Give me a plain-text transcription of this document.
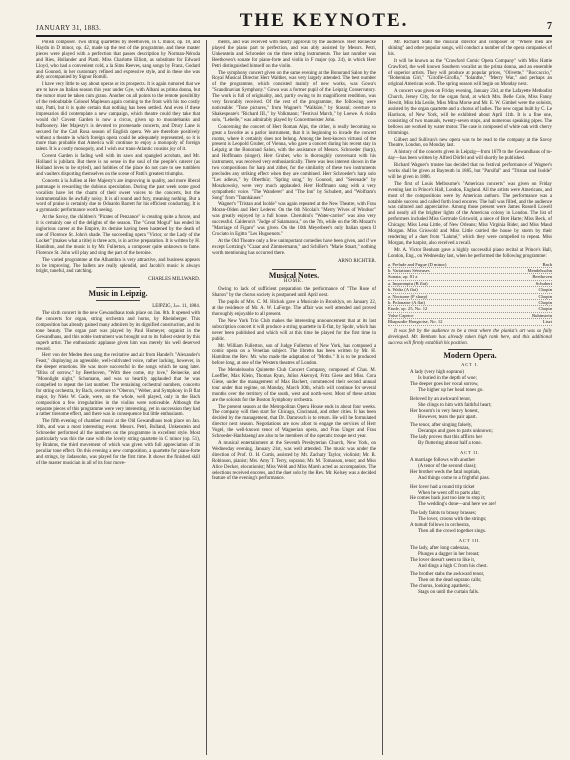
JANUARY 31, 1883.	THE KEYNOTE.	7

Polish composer. Two string quartettes by Beethoven, in C minor, op. 18, and Haydn in D minor, op. 42, made up the rest of the programme, and these master pieces were played with a perfection that passes description by Norman-Néruda and Ries, Hollander and Piatti. Miss Charlotte Elliott, as substitute for Edward Lloyd, who had a convenient cold, a la Sims Reeves, sang songs by Franz, Godard and Gounod, in her customary refined and expressive style, and in these she was ably accompanied by Signor Romili.

I have very little to say about operas or its prospects. It is again rumored that we are to have an Italian season this year under Gye, with Albani as prima donna, but the rumor must be taken cum grano. Another on all points to the remote possibility of the redoubtable Colonel Mapleson again coming to the front with his too costly star, Patti, but it is quite certain that nothing has been settled. And even if these impresarios did contemplate a new campaign, which theatre could they take that would do? Covent Garden is now a circus, given up to mountebanks and buffoonery. Her Majesty's is devoted to promenade concerts, and Drury Lane is secured for the Carl Rosa season of English opera. We are therefore positively without a theatre in which foreign opera could be adequately represented, so it is more than probable that America will continue to enjoy a monopoly of foreign talent. It is a costly monopoly, and I wish our trans-Atlantic cousins joy of it.

Covent Garden is fading well with its saws and spangled acrobats, and Mr. Holland is jubilant. But there is no sense in the soul of the people's caterer (as Holland loves to be styled), and hobbies of the place do not care to see tumblers and vaulters disporting themselves on the scene of Patti's greatest triumphs.

Concerts à la Jullien at Her Majesty's are improving in quality, and more liberal patronage is rewarding the dubious speculation. During the past week some good vocalists have let the charm of their sweet voices to the concerts, but the instrumentalists lie awfully noisy. It is all sound and fury, meaning nothing. But a word of praise is certainly due to Odoardo Barrett for his efficient conducting. It is a gymnastic performance worth seeing.

At the Savoy, the children's "Pirates of Penzance" is creating quite a furore, and it is certainly one of the delights of the season. The "Great Mogul" has ended its inglorious career at the Empire, its demise having been hastened by the death of one of Florence St. John's shade. The succeeding opera "Victor, or the Lady of the Locket" (makes what a title) is three acts, is in active preparation. It is written by H. Hamilton, and the music is by Mr. Fullerton, a composer quite unknown to fame. Florence St. John will play and sing the part of the heroine.

The varied programme at the Alhambra is very attractive, and business appears to be improving. The ballets are really splendid, and Jacobi's music is always bright, tuneful, and catching.

CHARLES MILLWARD.
Music in Leipzig.

LEIPZIG, Jan. 11, 1884.

The sixth concert in the new Gewandhaus took place on Jan. 8th. It opened with the concerts for organ, string orchestra and horns, by Rheinberger. This composition has already gained many admirers by its dignified construction, and its tone beauty. The organ part was played by Paul Homeyer, organist in the Gewandhaus, and this noble instrument was brought out to its fullest extent by this superb artist. The enthusiastic applause given him was merely his well deserved reward.

Herr von der Meden then sang the recitative and air from Handel's "Alexander's Feast," displaying an agreeable, well-cultivated voice, rather lacking, however, in the deeper emotions. He was more successful in the songs which he sang later. "Bliss of sorrow," by Beethoven, "With thee come, my love," Reinecke, and "Moonlight night," Schumann, and was so heartily applauded that he was compelled to repeat the last number. The remaining orchestral numbers, concerto for string orchestra, by Bach, overture to "Oberon," Weber, and Symphony in B flat major, by Niels W. Gade, were, on the whole, well played, only in the Bach composition a few irregularities in the violins were noticeable. Although the separate pieces of this programme were very interesting, yet in succession they had a rather tiresome effect, and there was in consequence but little enthusiasm.

The fifth evening of chamber music at the Old Gewandhaus took place on Jan. 10th, and was a most interesting event. Messrs. Petri, Bolland, Unkenstein and Schroeder performed all the numbers on the programme in excellent style. Most particularly was this the case with the lovely string quartette in C minor (op. 51), by Brahms, the third movement of which was given with full appreciation of its peculiar tone effect. On this evening a new composition, a quartette for piano-forte and strings, by Jadassohn, was played for the first time. It shows the finished skill of the master musician in all of its four move-

ments, and was received with hearty approval by the audience. Herr Reinecke played the piano part to perfection, and was ably assisted by Messrs. Petri, Unkenstein and Schroeder on the three string instruments. The last number was Beethoven's sonate for piano-forte and violin in F major (op. 24), in which Herr Petri distinguished himself on the violin.

The symphony concert given on the same evening at the Bonorand Salon by the Royal Musical Director Herr Walther, was very largely attended. The best number of the programme, which consisted mainly of new works, was Gowa's "Scandinavian Symphony." Gowa was a former pupil of the Leipzig Conservatory. The work is full of originality, and, partly owing to its magnificent rendition, was very favorably received. Of the rest of the programme, the following were noticeable: "Tone pictures," from Wagner's "Walküre," by Stassni; overture to Shakespeare's "Richard III.," by Volkmann; "Festival March," by Loewe. A violin solo, "Lebelle," was admirably played by Concertmeister John.

Concerning the concert of Herr Roman Alps, the cither, is really becoming so great a favorite as a parlor instrument, that it is beginning to invade the concert rooms, where it certainly does not belong. Among the best-known virtuosi of the present is Leopold Gruber, of Vienna, who gave a concert during his recent stay in Leipzig at the Bonorand Salon, with the assistance of Messrs. Schroeder (harp), and Hoffmann (singer). Herr Gruber, who is thoroughly conversant with his instrument, was received very enthusiastically. There was less interest shown in the two compositions for harp and zither, for the similarity of these two instruments precludes any striking effect when they are combined. Herr Schroeder's harp solo "Les adieux," by Oberthür; "Spring song," by Gounod, and "Serenade" by Moszkowsky, were very much applauded. Herr Hoffmann sang with a very sympathetic voice. "The Wanderer" and "The Inn" by Schubert, and "Wolfram's Song" from "Tannhäuser."

Wagner's "Tristan and Isolde" was again repeated at the New Theatre, with Frau Moran-Olden and Herr Lederer. On the 6th Nicolai's "Merry Wives of Windsor" was greatly enjoyed by a full house. Cherubini's "Water-carrier" was also very successful. Calderon's "Judge of Salamanca," on the 7th, while on the 9th Mozart's "Marriage of Figaro" was given. On the 10th Meyerbeer's only Italian opera Il Crociato in Egitto "Les Huguenots."

At the Old Theatre only a few unimportant comedies have been given, and if we except Lortzing's "Czaar and Zimmermann," and Schiller's "Marie Stuart," nothing worth mentioning has occurred there.

ARNO RICHTER.
Musical Notes.
HOME.

Owing to lack of sufficient preparation the performance of "The Rose of Sharon" by the chorus society is postponed until April next.

The pupils of Mrs. C. M. Hickok gave a Musicale in Brooklyn, on January 22, at the residence of Mr. A. W. LaForge. The affair was well attended and proved thoroughly enjoyable to all present.

The New York Trio Club makes the interesting announcement that at its last subscription concert it will produce a string quartette in E-flat, by Spohr, which has never been published and which will at this time be played for the first time in public.

Mr. William Fullerton, son of Judge Fullerton of New York, has composed a comic opera on a Venetian subject. The libretto has been written by Mr. H. Hamilton the Rev. Mr. who made the adaptation of "Moths." It is to be produced before long, at one of the Western theatres of London.

The Mendelssohn Quintette Club Concert Company, composed of Chas. M. Loeffler, Max Klein, Thomas Ryan, Julius Akeroyd, Fritz Giese and Miss. Cora Giese, under the management of Max Bachert, commenced their second annual tour under that regime, on Monday, March 30th, which will continue for several months over the territory of the south, west and north-west. Most of these artists are the soloists for the Boston Symphony orchestra.

The present season at the Metropolitan Opera House ends in about four weeks. The company will then start for Chicago, Cincinnati, and other cities. It has been decided by the management, that Dr. Damrosch is to return. He will be formulated director next season. Negotiations are now afoot to engage the services of Herr Vogel, the well-known tenor of Wagnerian opera, and Frau Unger and Frau Schroeder-Hanfstaengl are also to be members of the operatic troupe next year.

A musical entertainment at the Seventh Presbyterian Church, New York, on Wednesday evening, January 21st, was well attended. The music was under the direction of Prof. O. H. Curtis, assisted by Mr. Zachary Taylor, violinist; Mr. R. Robinson, pianist; Mrs. Amy T. Terry, soprano; Mr. M. Tomasson, tenor; and Miss Alice Decker, elocutionist; Miss Weld and Miss Marsh acted as accompanists. The selections received encores, and the duet solo by the Rev. Mr. Kelsey was a decided feature of the evening's performance.

Mr. Richard Stahl the musical director and composer of "Where men are shining" and other popular songs, will conduct a number of the opera companies of his.

It will be known as the "Crawford Comic Opera Company" with Miss Hattie Crawford, the well known Southern vocalist as the prima donna, and an ensemble of superior artists. They will produce at popular prices, "Olivette," "Boccaccio," "Bohemian Girl," "Giroflé-Girofla," "Iolanthe," "Merry War," and perhaps an original American work. The spring season will begin on Monday next.

A concert was given on Friday evening, January 23d, at the Lafayette Methodist Church, Jersey City, for the organ fund, at which Mrs. Belle Cole, Miss Fanny Hewitt, Miss Ida Leslie, Miss Mina Morse and Mr. E. W. Gimbel were the soloists, assisted by the organ quartette and a chorus of ladies. The new organ built by C. Le Harrison, of New York, will be exhibited about April 11th. It is a fine one, consisting of two manuals, twenty-seven stops, and numerous speaking pipes. The bellows are worked by water motor. The case is composed of white oak with cherry trimmings.

Gilbert and Sullivan's new opera was to be read to the company at the Savoy Theatre, London, on Monday last.

A history of the concerts given in Leipzig—from 1679 to the Gewandhaus of to-day—has been written by Alfred Dörfel and will shortly be published.

Richard Wagner's trustee has decided that no festival performance of Wagner's works shall be given at Bayreuth in 1885, but "Parsifal" and "Tristan und Isolde" will be given in 1886.

The first of Louis Melbourne's "American concerts" was given on Friday evening last in Prince's Hall, London, England. All the artists were Americans, and most of the compositions were by American authors. The performance was a notable success and called forth loud encores. The hall was filled, and the audience was cultured and appreciative. Among those present were James Russell Lowell and nearly all the brighter lights of the American colony in London. The list of performers included Miss Gertrude Griswold, a niece of Bret Harte; Miss Beck, of Chicago; Miss Lena Little, of New Orleans; Miss Virginia Rider, and Miss Maud Morgan. Miss Griswold and Miss Little carried the house by storm by their rendering of a duet from "Lakmé," which they were compelled to repeat. Miss Morgan, the harpist, also received a recall.

Mr. A. Victor Benham gave a highly successful piano recital at Prince's Hall, London, Eng., on Wednesday last, when he performed the following programme:

a. Prelude and Fugue (D minor)	Bach
b. Variations Sérieuses	Mendelssohn
Sonata, op. 81 a	Beethoven
a. Impromptu (B flat)	Schubert
b. Waltz (A flat)	Chopin
a. Nocturne (F sharp)	Chopin
b. Polonaise (A flat)	Chopin
Etude, op. 25, No. 12	Chopin
Valse Caprice	Rubinstein
Rhapsodie Hongroise, No. 12	Liszt

It was felt by the audience to be a treat where the pianist's art was so fully developed. Mr. Benham has already taken high rank here, and this additional success will firmly establish his position.

Modern Opera.
ACT I.
A lady (very high soprano)
Is buried in the depth of woe;
The deeper goes her vocal sorrow,
The higher up her head tones go.
Beloved by an awkward tenor,
She clings to him with faithful heart;
Her bosom's in very heavy honest,
However, tears the pair apart.
The tenor, after singing falsely,
Decamps and goes to parts unknown;
The lady proves that this afflicts her
By fluttering almost half a tone.
ACT II.
A marriage follows with another
(A tenor of the second class);
Her brother weds the fatal nuptials,
And things come to a frightful pass.
Her lover had a round trip ticket
When he went off to parts afar;
He comes back just too late to stop it;
The wedding's done—and here we are!
The lady faints to brassy brasses;
The lover, croons with the strings;
A tumult follows in orchestra,
Then all the crowd together sings.
ACT III.
The lady, after long cadenzas,
Plunges a dagger in her breast;
The lover doesn't seem to like it,
And dings a high C from his chest.
The brother stabs the awkward tenor,
Then on the dead soprano calls;
The chorus, looking apathetic,
Stags on until the curtain falls.
